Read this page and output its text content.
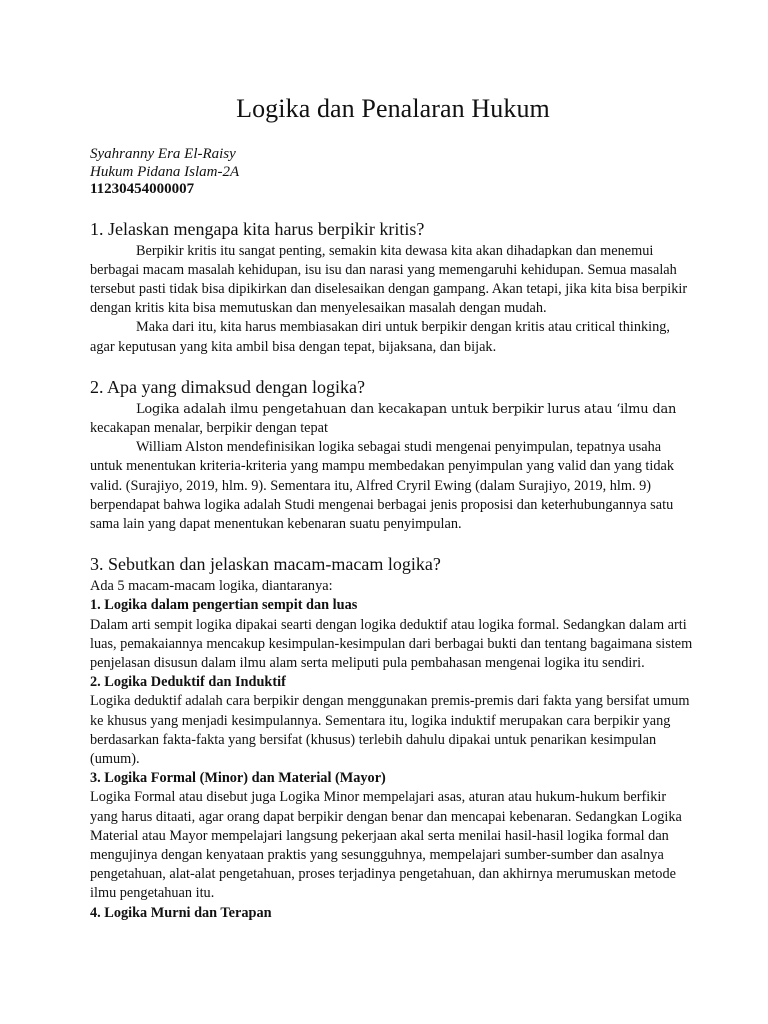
Logika dan Penalaran Hukum
Syahranny Era El-Raisy
Hukum Pidana Islam-2A
11230454000007
1. Jelaskan mengapa kita harus berpikir kritis?

Berpikir kritis itu sangat penting, semakin kita dewasa kita akan dihadapkan dan menemui berbagai macam masalah kehidupan, isu isu dan narasi yang memengaruhi kehidupan. Semua masalah tersebut pasti tidak bisa dipikirkan dan diselesaikan dengan gampang. Akan tetapi, jika kita bisa berpikir dengan kritis kita bisa memutuskan dan menyelesaikan masalah dengan mudah.

Maka dari itu, kita harus membiasakan diri untuk berpikir dengan kritis atau critical thinking, agar keputusan yang kita ambil bisa dengan tepat, bijaksana, dan bijak.

2. Apa yang dimaksud dengan logika?

Logika adalah ilmu pengetahuan dan kecakapan untuk berpikir lurus atau ‘ilmu dan

kecakapan menalar, berpikir dengan tepat

William Alston mendefinisikan logika sebagai studi mengenai penyimpulan, tepatnya usaha untuk menentukan kriteria-kriteria yang mampu membedakan penyimpulan yang valid dan yang tidak valid. (Surajiyo, 2019, hlm. 9). Sementara itu, Alfred Cryril Ewing (dalam Surajiyo, 2019, hlm. 9) berpendapat bahwa logika adalah Studi mengenai berbagai jenis proposisi dan keterhubungannya satu sama lain yang dapat menentukan kebenaran suatu penyimpulan.

3. Sebutkan dan jelaskan macam-macam logika?

Ada 5 macam-macam logika, diantaranya:

1. Logika dalam pengertian sempit dan luas

Dalam arti sempit logika dipakai searti dengan logika deduktif atau logika formal. Sedangkan dalam arti luas, pemakaiannya mencakup kesimpulan-kesimpulan dari berbagai bukti dan tentang bagaimana sistem penjelasan disusun dalam ilmu alam serta meliputi pula pembahasan mengenai logika itu sendiri.

2. Logika Deduktif dan Induktif

Logika deduktif adalah cara berpikir dengan menggunakan premis-premis dari fakta yang bersifat umum ke khusus yang menjadi kesimpulannya. Sementara itu, logika induktif merupakan cara berpikir yang berdasarkan fakta-fakta yang bersifat (khusus) terlebih dahulu dipakai untuk penarikan kesimpulan (umum).

3. Logika Formal (Minor) dan Material (Mayor)

Logika Formal atau disebut juga Logika Minor mempelajari asas, aturan atau hukum-hukum berfikir yang harus ditaati, agar orang dapat berpikir dengan benar dan mencapai kebenaran. Sedangkan Logika Material atau Mayor mempelajari langsung pekerjaan akal serta menilai hasil-hasil logika formal dan mengujinya dengan kenyataan praktis yang sesungguhnya, mempelajari sumber-sumber dan asalnya pengetahuan, alat-alat pengetahuan, proses terjadinya pengetahuan, dan akhirnya merumuskan metode ilmu pengetahuan itu.

4. Logika Murni dan Terapan
